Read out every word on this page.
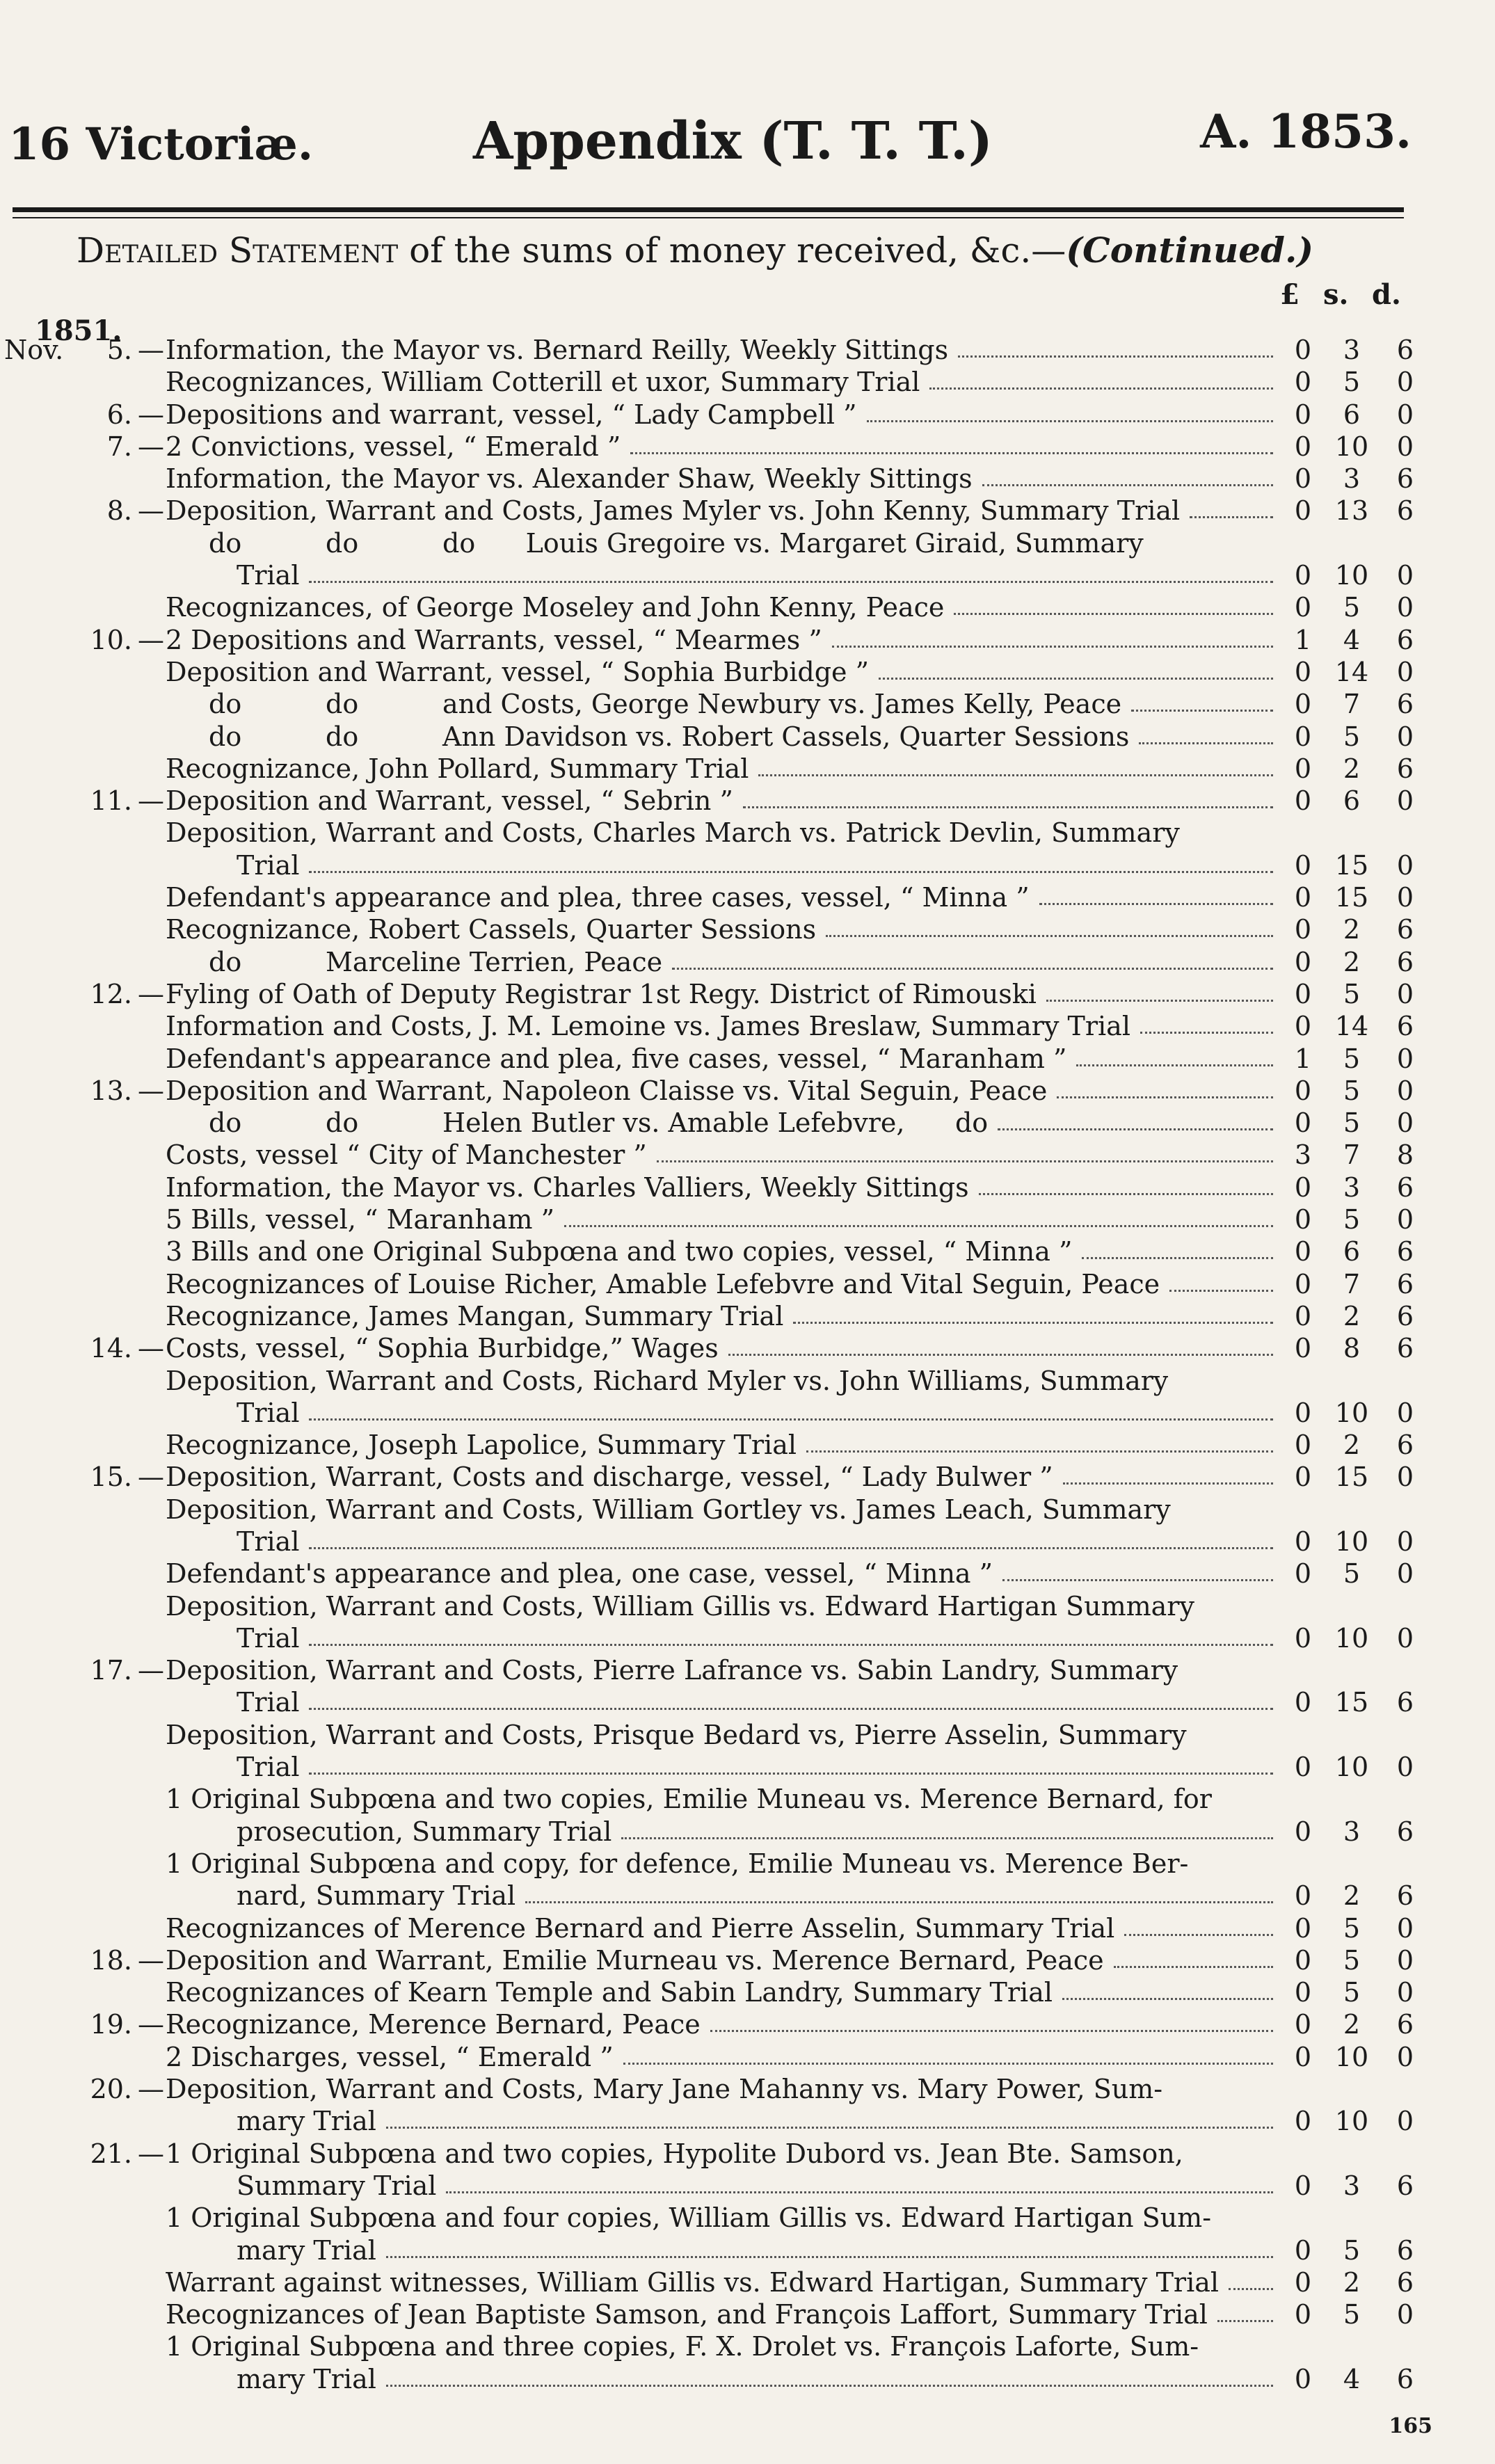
16 Victoriæ.	Appendix (T. T. T.)	A. 1853.
Detailed Statement of the sums of money received, &c.—(Continued.)
£ s. d.
1851.
Nov.	5. — Information, the Mayor vs. Bernard Reilly, Weekly Sittings	0	3	6
Recognizances, William Cotterill et uxor, Summary Trial	0	5	0
6. — Depositions and warrant, vessel, “ Lady Campbell ”	0	6	0
7. — 2 Convictions, vessel, “ Emerald ”	0 10	0
Information, the Mayor vs. Alexander Shaw, Weekly Sittings	0	3	6
8. — Deposition, Warrant and Costs, James Myler vs. John Kenny, Summary Trial	0 13	6
do          do          do      Louis Gregoire vs. Margaret Giraid, Summary
Trial	0 10	0
Recognizances, of George Moseley and John Kenny, Peace	0	5	0
10. — 2 Depositions and Warrants, vessel, “ Mearmes ”	1	4	6
Deposition and Warrant, vessel, “ Sophia Burbidge ”	0 14	0
do          do          and Costs, George Newbury vs. James Kelly, Peace	0	7	6
do          do          Ann Davidson vs. Robert Cassels, Quarter Sessions	0	5	0
Recognizance, John Pollard, Summary Trial	0	2	6
11. — Deposition and Warrant, vessel, “ Sebrin ”	0	6	0
Deposition, Warrant and Costs, Charles March vs. Patrick Devlin, Summary
Trial	0 15	0
Defendant's appearance and plea, three cases, vessel, “ Minna ”	0 15	0
Recognizance, Robert Cassels, Quarter Sessions	0	2	6
do          Marceline Terrien, Peace	0	2	6
12. — Fyling of Oath of Deputy Registrar 1st Regy. District of Rimouski	0	5	0
Information and Costs, J. M. Lemoine vs. James Breslaw, Summary Trial	0 14	6
Defendant's appearance and plea, five cases, vessel, “ Maranham ”	1	5	0
13. — Deposition and Warrant, Napoleon Claisse vs. Vital Seguin, Peace	0	5	0
do          do          Helen Butler vs. Amable Lefebvre,      do	0	5	0
Costs, vessel “ City of Manchester ”	3	7	8
Information, the Mayor vs. Charles Valliers, Weekly Sittings	0	3	6
5 Bills, vessel, “ Maranham ”	0	5	0
3 Bills and one Original Subpœna and two copies, vessel, “ Minna ”	0	6	6
Recognizances of Louise Richer, Amable Lefebvre and Vital Seguin, Peace	0	7	6
Recognizance, James Mangan, Summary Trial	0	2	6
14. — Costs, vessel, “ Sophia Burbidge,” Wages	0	8	6
Deposition, Warrant and Costs, Richard Myler vs. John Williams, Summary
Trial	0 10	0
Recognizance, Joseph Lapolice, Summary Trial	0	2	6
15. — Deposition, Warrant, Costs and discharge, vessel, “ Lady Bulwer ”	0 15	0
Deposition, Warrant and Costs, William Gortley vs. James Leach, Summary
Trial	0 10	0
Defendant's appearance and plea, one case, vessel, “ Minna ”	0	5	0
Deposition, Warrant and Costs, William Gillis vs. Edward Hartigan Summary
Trial	0 10	0
17. — Deposition, Warrant and Costs, Pierre Lafrance vs. Sabin Landry, Summary
Trial	0 15	6
Deposition, Warrant and Costs, Prisque Bedard vs, Pierre Asselin, Summary
Trial	0 10	0
1 Original Subpœna and two copies, Emilie Muneau vs. Merence Bernard, for
prosecution, Summary Trial	0	3	6
1 Original Subpœna and copy, for defence, Emilie Muneau vs. Merence Ber-
nard, Summary Trial	0	2	6
Recognizances of Merence Bernard and Pierre Asselin, Summary Trial	0	5	0
18. — Deposition and Warrant, Emilie Murneau vs. Merence Bernard, Peace	0	5	0
Recognizances of Kearn Temple and Sabin Landry, Summary Trial	0	5	0
19. — Recognizance, Merence Bernard, Peace	0	2	6
2 Discharges, vessel, “ Emerald ”	0 10	0
20. — Deposition, Warrant and Costs, Mary Jane Mahanny vs. Mary Power, Sum-
mary Trial	0 10	0
21. — 1 Original Subpœna and two copies, Hypolite Dubord vs. Jean Bte. Samson,
Summary Trial	0	3	6
1 Original Subpœna and four copies, William Gillis vs. Edward Hartigan Sum-
mary Trial	0	5	6
Warrant against witnesses, William Gillis vs. Edward Hartigan, Summary Trial	0	2	6
Recognizances of Jean Baptiste Samson, and François Laffort, Summary Trial	0	5	0
1 Original Subpœna and three copies, F. X. Drolet vs. François Laforte, Sum-
mary Trial	0	4	6
165
